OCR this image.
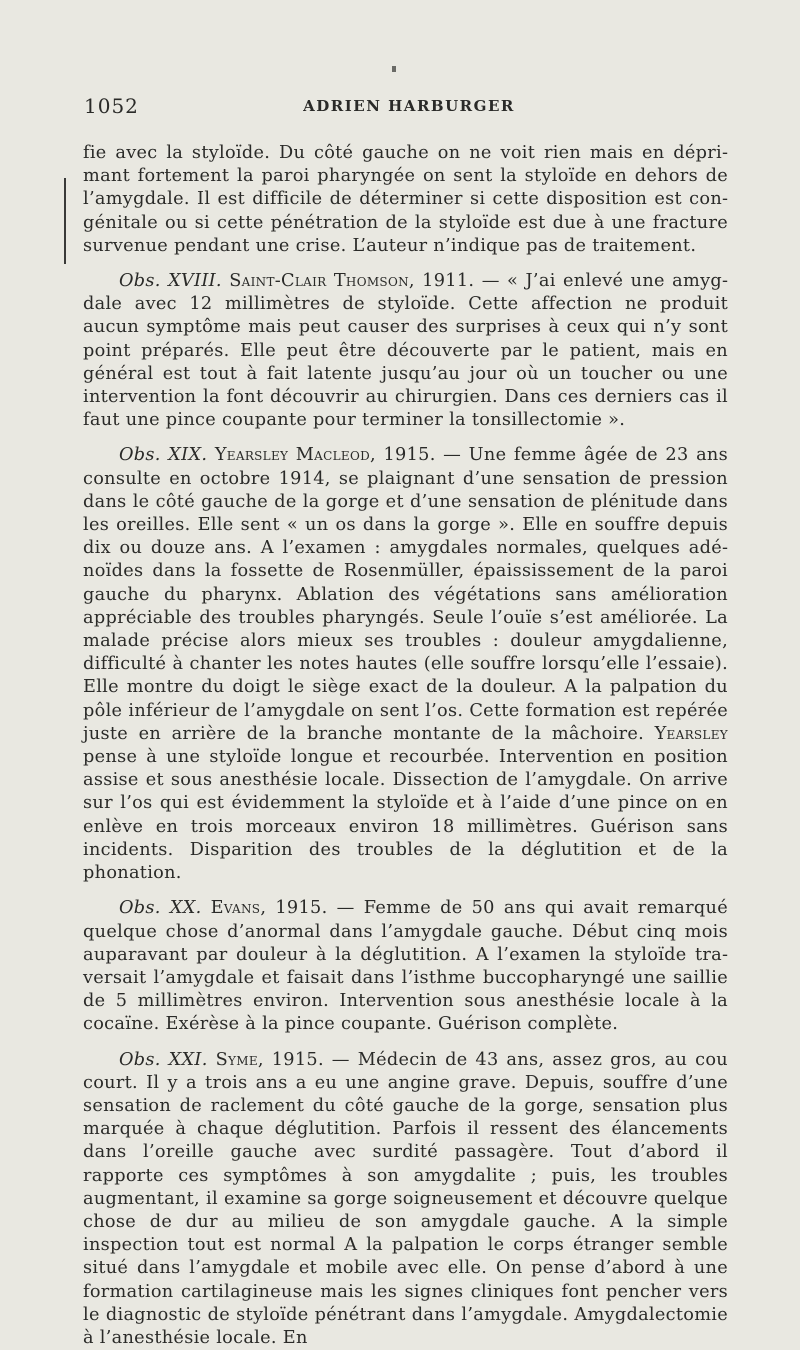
1052	ADRIEN HARBURGER

fie avec la styloïde. Du côté gauche on ne voit rien mais en déprimant fortement la paroi pharyngée on sent la styloïde en dehors de l’amygdale. Il est difficile de déterminer si cette disposition est congénitale ou si cette pénétration de la styloïde est due à une fracture survenue pendant une crise. L’auteur n’indique pas de traitement.

Obs. XVIII. Saint-Clair Thomson, 1911. — « J’ai enlevé une amygdale avec 12 millimètres de styloïde. Cette affection ne produit aucun symptôme mais peut causer des surprises à ceux qui n’y sont point préparés. Elle peut être découverte par le patient, mais en général est tout à fait latente jusqu’au jour où un toucher ou une intervention la font découvrir au chirurgien. Dans ces derniers cas il faut une pince coupante pour terminer la tonsillectomie ».

Obs. XIX. Yearsley Macleod, 1915. — Une femme âgée de 23 ans consulte en octobre 1914, se plaignant d’une sensation de pression dans le côté gauche de la gorge et d’une sensation de plénitude dans les oreilles. Elle sent « un os dans la gorge ». Elle en souffre depuis dix ou douze ans. A l’examen : amygdales normales, quelques adénoïdes dans la fossette de Rosenmüller, épaississement de la paroi gauche du pharynx. Ablation des végétations sans amélioration appréciable des troubles pharyngés. Seule l’ouïe s’est améliorée. La malade précise alors mieux ses troubles : douleur amygdalienne, difficulté à chanter les notes hautes (elle souffre lorsqu’elle l’essaie). Elle montre du doigt le siège exact de la douleur. A la palpation du pôle inférieur de l’amygdale on sent l’os. Cette formation est repérée juste en arrière de la branche montante de la mâchoire. Yearsley pense à une styloïde longue et recourbée. Intervention en position assise et sous anesthésie locale. Dissection de l’amygdale. On arrive sur l’os qui est évidemment la styloïde et à l’aide d’une pince on en enlève en trois morceaux environ 18 millimètres. Guérison sans incidents. Disparition des troubles de la déglutition et de la phonation.

Obs. XX. Evans, 1915. — Femme de 50 ans qui avait remarqué quelque chose d’anormal dans l’amygdale gauche. Début cinq mois auparavant par douleur à la déglutition. A l’examen la styloïde traversait l’amygdale et faisait dans l’isthme buccopharyngé une saillie de 5 millimètres environ. Intervention sous anesthésie locale à la cocaïne. Exérèse à la pince coupante. Guérison complète.

Obs. XXI. Syme, 1915. — Médecin de 43 ans, assez gros, au cou court. Il y a trois ans a eu une angine grave. Depuis, souffre d’une sensation de raclement du côté gauche de la gorge, sensation plus marquée à chaque déglutition. Parfois il ressent des élancements dans l’oreille gauche avec surdité passagère. Tout d’abord il rapporte ces symptômes à son amygdalite ; puis, les troubles augmentant, il examine sa gorge soigneusement et découvre quelque chose de dur au milieu de son amygdale gauche. A la simple inspection tout est normal A la palpation le corps étranger semble situé dans l’amygdale et mobile avec elle. On pense d’abord à une formation cartilagineuse mais les signes cliniques font pencher vers le diagnostic de styloïde pénétrant dans l’amygdale. Amygdalectomie à l’anesthésie locale. En
